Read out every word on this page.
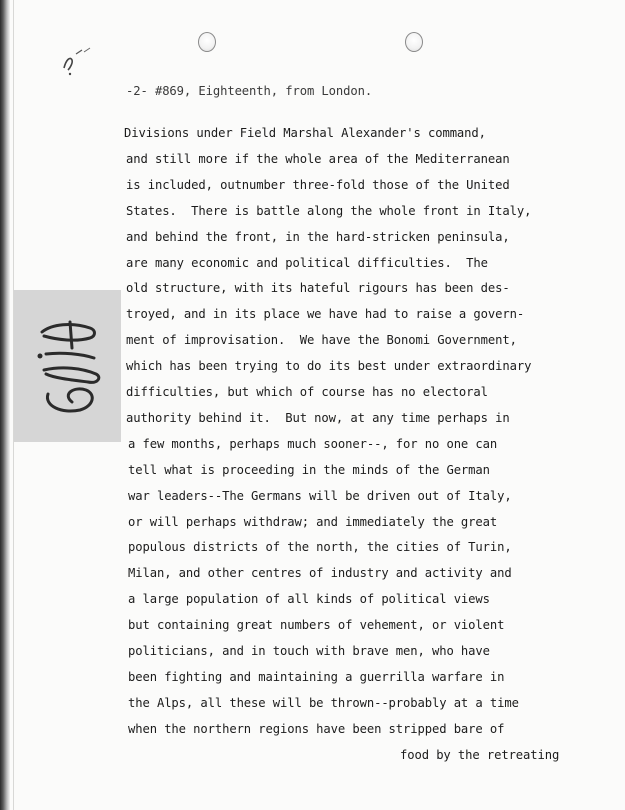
-2- #869, Eighteenth, from London.
Divisions under Field Marshal Alexander's command,
and still more if the whole area of the Mediterranean
is included, outnumber three-fold those of the United
States.  There is battle along the whole front in Italy,
and behind the front, in the hard-stricken peninsula,
are many economic and political difficulties.  The
old structure, with its hateful rigours has been des-
troyed, and in its place we have had to raise a govern-
ment of improvisation.  We have the Bonomi Government,
which has been trying to do its best under extraordinary
difficulties, but which of course has no electoral
authority behind it.  But now, at any time perhaps in
a few months, perhaps much sooner--, for no one can
tell what is proceeding in the minds of the German
war leaders--The Germans will be driven out of Italy,
or will perhaps withdraw; and immediately the great
populous districts of the north, the cities of Turin,
Milan, and other centres of industry and activity and
a large population of all kinds of political views
but containing great numbers of vehement, or violent
politicians, and in touch with brave men, who have
been fighting and maintaining a guerrilla warfare in
the Alps, all these will be thrown--probably at a time
when the northern regions have been stripped bare of
food by the retreating
